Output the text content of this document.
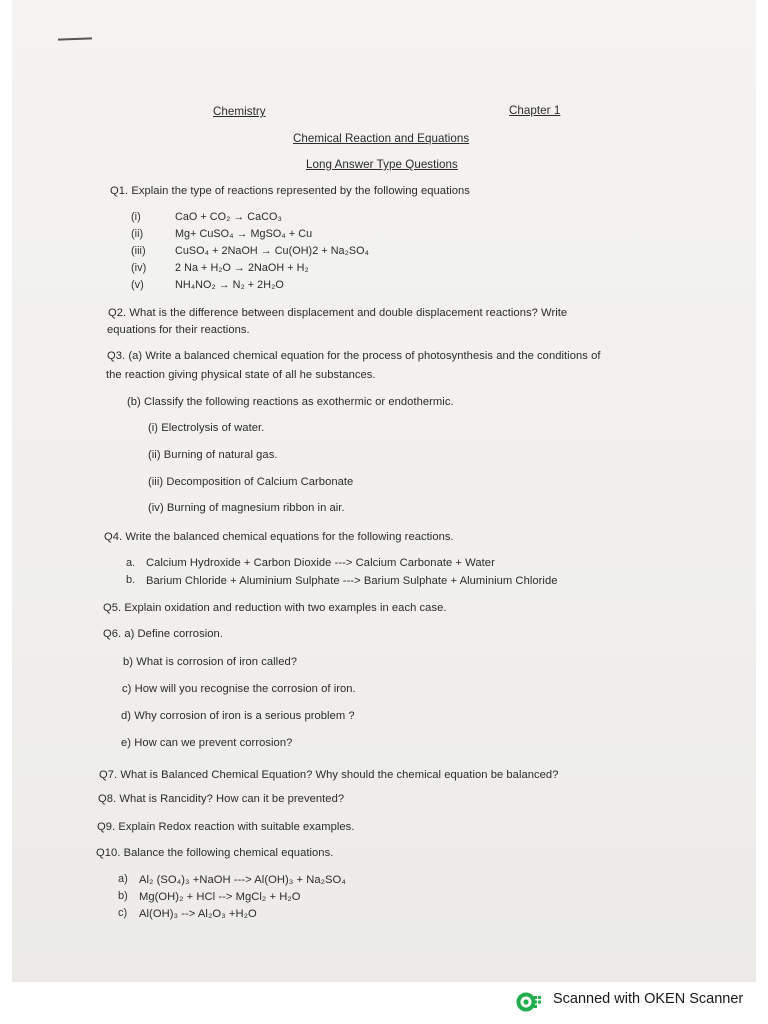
Chemistry	Chapter 1
Chemical Reaction and Equations
Long Answer Type Questions
Q1. Explain the type of reactions represented by the following equations
(i)	CaO + CO₂ → CaCO₃
(ii)	Mg+ CuSO₄ → MgSO₄ + Cu
(iii)	CuSO₄ + 2NaOH → Cu(OH)2 + Na₂SO₄
(iv)	2 Na + H₂O → 2NaOH + H₂
(v)	NH₄NO₂ → N₂ + 2H₂O
Q2. What is the difference between displacement and double displacement reactions? Write
equations for their reactions.
Q3. (a) Write a balanced chemical equation for the process of photosynthesis and the conditions of
the reaction giving physical state of all he substances.
(b) Classify the following reactions as exothermic or endothermic.
(i) Electrolysis of water.
(ii) Burning of natural gas.
(iii) Decomposition of Calcium Carbonate
(iv) Burning of magnesium ribbon in air.
Q4. Write the balanced chemical equations for the following reactions.
a. Calcium Hydroxide + Carbon Dioxide ---> Calcium Carbonate + Water
b. Barium Chloride + Aluminium Sulphate ---> Barium Sulphate + Aluminium Chloride
Q5. Explain oxidation and reduction with two examples in each case.
Q6. a) Define corrosion.
b) What is corrosion of iron called?
c) How will you recognise the corrosion of iron.
d) Why corrosion of iron is a serious problem ?
e) How can we prevent corrosion?
Q7. What is Balanced Chemical Equation? Why should the chemical equation be balanced?
Q8. What is Rancidity? How can it be prevented?
Q9. Explain Redox reaction with suitable examples.
Q10. Balance the following chemical equations.
a) Al₂ (SO₄)₃ +NaOH ---> Al(OH)₃ + Na₂SO₄
b) Mg(OH)₂ + HCl --> MgCl₂ + H₂O
c) Al(OH)₃ --> Al₂O₃ +H₂O
Scanned with OKEN Scanner
